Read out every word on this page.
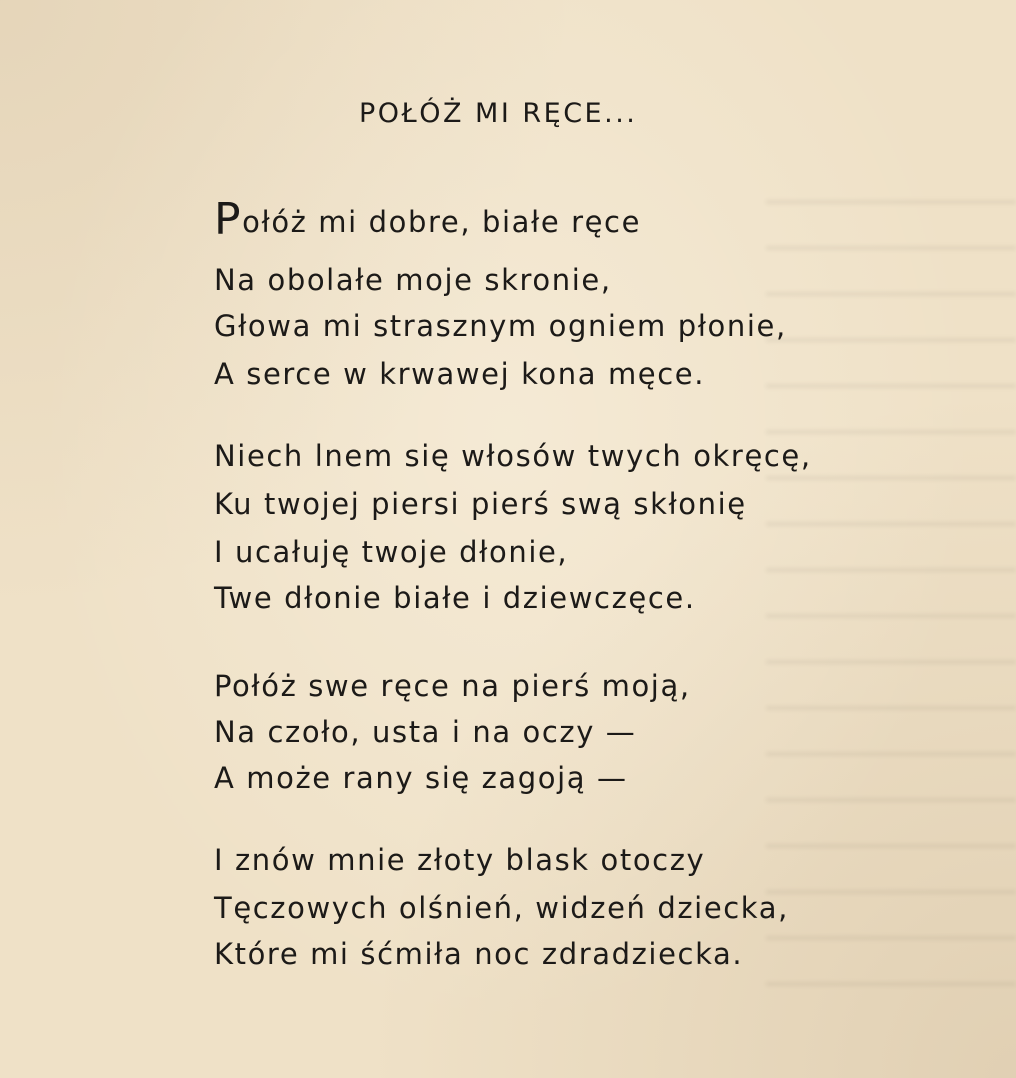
POŁÓŻ MI RĘCE...
Połóż mi dobre, białe ręce
Na obolałe moje skronie,
Głowa mi strasznym ogniem płonie,
A serce w krwawej kona męce.
Niech lnem się włosów twych okręcę,
Ku twojej piersi pierś swą skłonię
I ucałuję twoje dłonie,
Twe dłonie białe i dziewczęce.
Połóż swe ręce na pierś moją,
Na czoło, usta i na oczy —
A może rany się zagoją —
I znów mnie złoty blask otoczy
Tęczowych olśnień, widzeń dziecka,
Które mi śćmiła noc zdradziecka.
